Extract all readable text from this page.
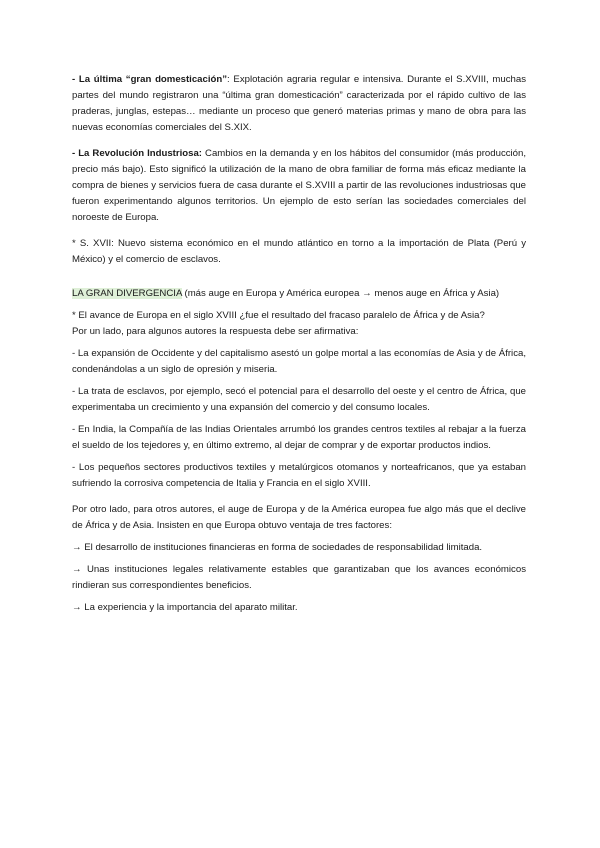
- La última “gran domesticación”: Explotación agraria regular e intensiva. Durante el S.XVIII, muchas partes del mundo registraron una “última gran domesticación” caracterizada por el rápido cultivo de las praderas, junglas, estepas… mediante un proceso que generó materias primas y mano de obra para las nuevas economías comerciales del S.XIX.

- La Revolución Industriosa: Cambios en la demanda y en los hábitos del consumidor (más producción, precio más bajo). Esto significó la utilización de la mano de obra familiar de forma más eficaz mediante la compra de bienes y servicios fuera de casa durante el S.XVIII a partir de las revoluciones industriosas que fueron experimentando algunos territorios. Un ejemplo de esto serían las sociedades comerciales del noroeste de Europa.

* S. XVII: Nuevo sistema económico en el mundo atlántico en torno a la importación de Plata (Perú y México) y el comercio de esclavos.

LA GRAN DIVERGENCIA (más auge en Europa y América europea → menos auge en África y Asia)

* El avance de Europa en el siglo XVIII ¿fue el resultado del fracaso paralelo de África y de Asia?

Por un lado, para algunos autores la respuesta debe ser afirmativa:

- La expansión de Occidente y del capitalismo asestó un golpe mortal a las economías de Asia y de África, condenándolas a un siglo de opresión y miseria.

- La trata de esclavos, por ejemplo, secó el potencial para el desarrollo del oeste y el centro de África, que experimentaba un crecimiento y una expansión del comercio y del consumo locales.

- En India, la Compañía de las Indias Orientales arrumbó los grandes centros textiles al rebajar a la fuerza el sueldo de los tejedores y, en último extremo, al dejar de comprar y de exportar productos indios.

- Los pequeños sectores productivos textiles y metalúrgicos otomanos y norteafricanos, que ya estaban sufriendo la corrosiva competencia de Italia y Francia en el siglo XVIII.

Por otro lado, para otros autores, el auge de Europa y de la América europea fue algo más que el declive de África y de Asia. Insisten en que Europa obtuvo ventaja de tres factores:

→ El desarrollo de instituciones financieras en forma de sociedades de responsabilidad limitada.

→ Unas instituciones legales relativamente estables que garantizaban que los avances económicos rindieran sus correspondientes beneficios.

→ La experiencia y la importancia del aparato militar.
